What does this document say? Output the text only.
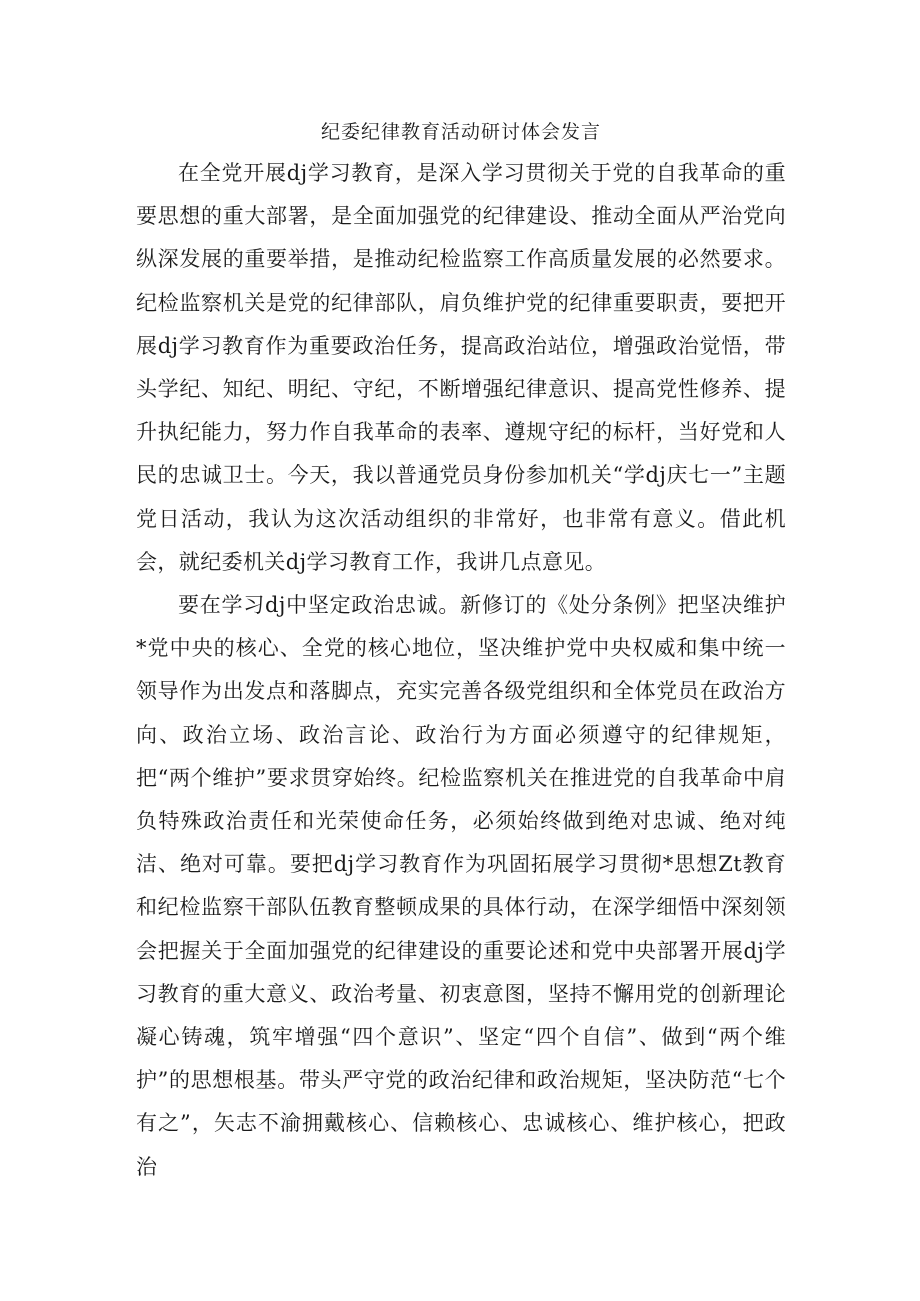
纪委纪律教育活动研讨体会发言

在全党开展dj学习教育，是深入学习贯彻关于党的自我革命的重要思想的重大部署，是全面加强党的纪律建设、推动全面从严治党向纵深发展的重要举措，是推动纪检监察工作高质量发展的必然要求。纪检监察机关是党的纪律部队，肩负维护党的纪律重要职责，要把开展dj学习教育作为重要政治任务，提高政治站位，增强政治觉悟，带头学纪、知纪、明纪、守纪，不断增强纪律意识、提高党性修养、提升执纪能力，努力作自我革命的表率、遵规守纪的标杆，当好党和人民的忠诚卫士。今天，我以普通党员身份参加机关“学dj庆七一”主题党日活动，我认为这次活动组织的非常好，也非常有意义。借此机会，就纪委机关dj学习教育工作，我讲几点意见。

要在学习dj中坚定政治忠诚。新修订的《处分条例》把坚决维护*党中央的核心、全党的核心地位，坚决维护党中央权威和集中统一领导作为出发点和落脚点，充实完善各级党组织和全体党员在政治方向、政治立场、政治言论、政治行为方面必须遵守的纪律规矩，把“两个维护”要求贯穿始终。纪检监察机关在推进党的自我革命中肩负特殊政治责任和光荣使命任务，必须始终做到绝对忠诚、绝对纯洁、绝对可靠。要把dj学习教育作为巩固拓展学习贯彻*思想Zt教育和纪检监察干部队伍教育整顿成果的具体行动，在深学细悟中深刻领会把握关于全面加强党的纪律建设的重要论述和党中央部署开展dj学习教育的重大意义、政治考量、初衷意图，坚持不懈用党的创新理论凝心铸魂，筑牢增强“四个意识”、坚定“四个自信”、做到“两个维护”的思想根基。带头严守党的政治纪律和政治规矩，坚决防范“七个有之”，矢志不渝拥戴核心、信赖核心、忠诚核心、维护核心，把政治
